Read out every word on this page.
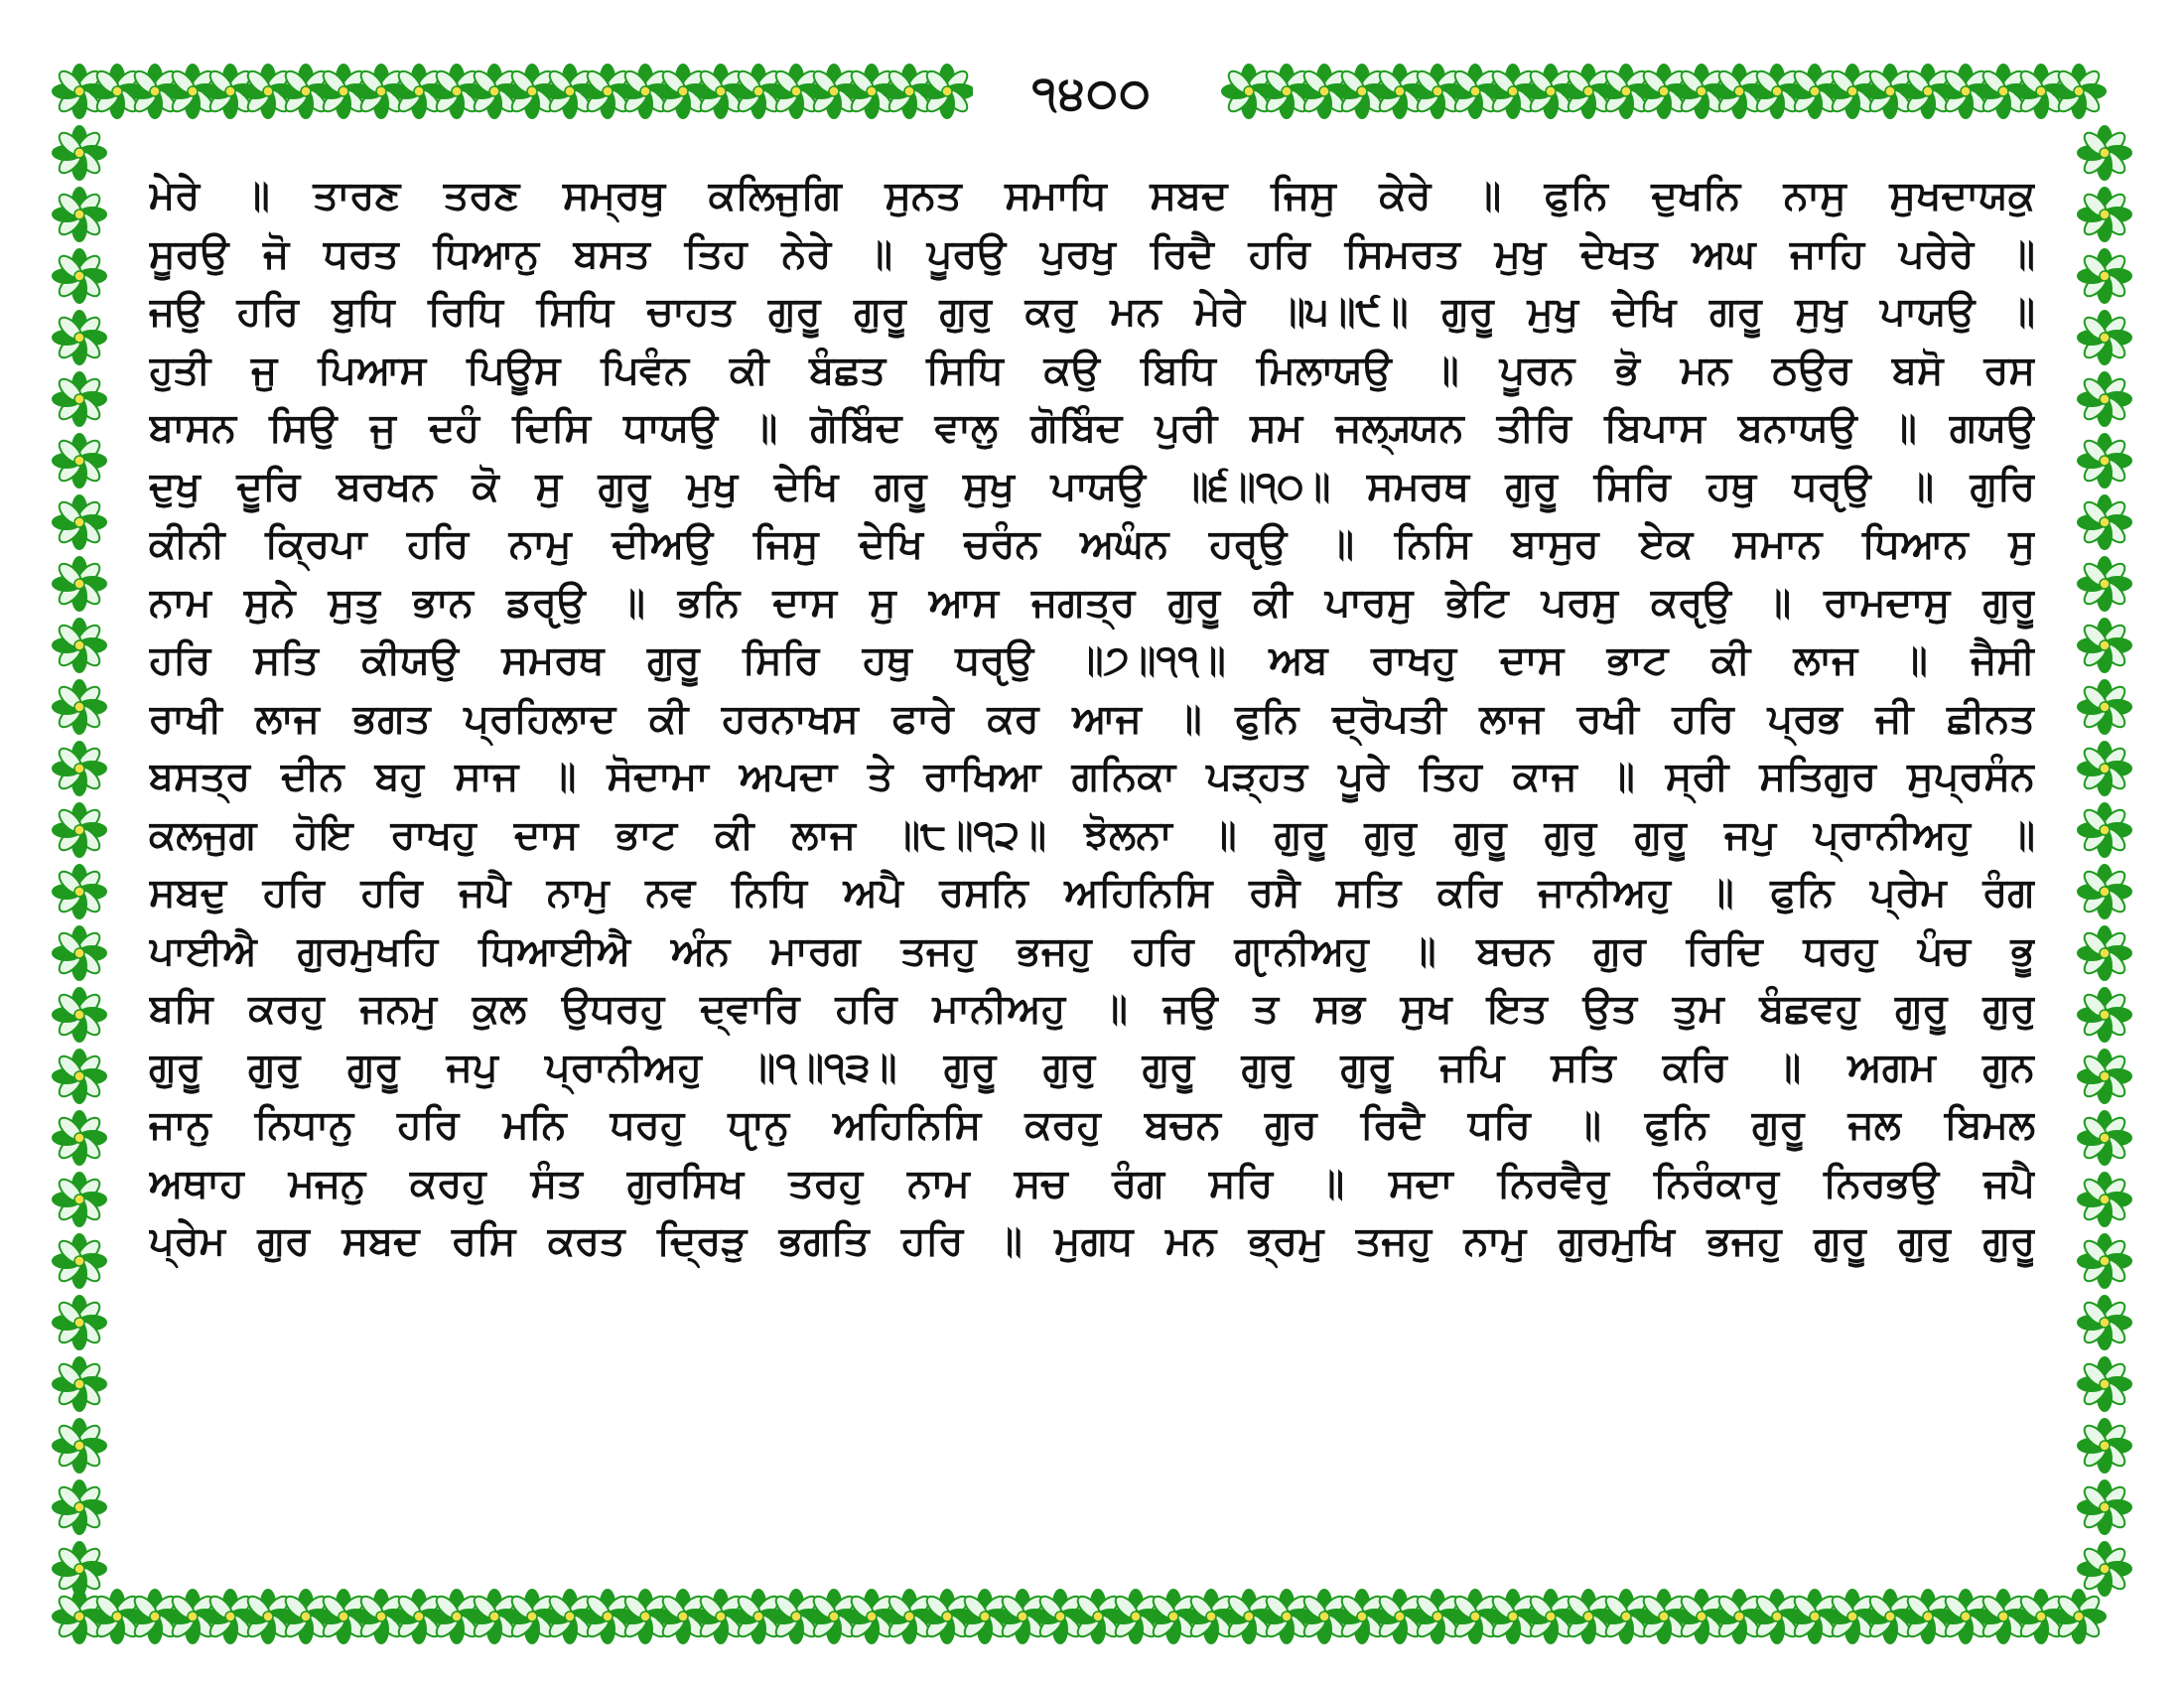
੧੪੦੦
ਮੇਰੇ ॥ ਤਾਰਣ ਤਰਣ ਸਮ੍ਰਥੁ ਕਲਿਜੁਗਿ ਸੁਨਤ ਸਮਾਧਿ ਸਬਦ ਜਿਸੁ ਕੇਰੇ ॥ ਫੁਨਿ ਦੁਖਨਿ ਨਾਸੁ ਸੁਖਦਾਯਕੁ
ਸੂਰਉ ਜੋ ਧਰਤ ਧਿਆਨੁ ਬਸਤ ਤਿਹ ਨੇਰੇ ॥ ਪੂਰਉ ਪੁਰਖੁ ਰਿਦੈ ਹਰਿ ਸਿਮਰਤ ਮੁਖੁ ਦੇਖਤ ਅਘ ਜਾਹਿ ਪਰੇਰੇ ॥
ਜਉ ਹਰਿ ਬੁਧਿ ਰਿਧਿ ਸਿਧਿ ਚਾਹਤ ਗੁਰੂ ਗੁਰੂ ਗੁਰੁ ਕਰੁ ਮਨ ਮੇਰੇ ॥੫॥੯॥ ਗੁਰੂ ਮੁਖੁ ਦੇਖਿ ਗਰੂ ਸੁਖੁ ਪਾਯਉ ॥
ਹੁਤੀ ਜੁ ਪਿਆਸ ਪਿਊਸ ਪਿਵੰਨ ਕੀ ਬੰਛਤ ਸਿਧਿ ਕਉ ਬਿਧਿ ਮਿਲਾਯਉ ॥ ਪੂਰਨ ਭੋ ਮਨ ਠਉਰ ਬਸੋ ਰਸ
ਬਾਸਨ ਸਿਉ ਜੁ ਦਹੰ ਦਿਸਿ ਧਾਯਉ ॥ ਗੋਬਿੰਦ ਵਾਲੁ ਗੋਬਿੰਦ ਪੁਰੀ ਸਮ ਜਲ੍ਯ੍ਯਨ ਤੀਰਿ ਬਿਪਾਸ ਬਨਾਯਉ ॥ ਗਯਉ
ਦੁਖੁ ਦੂਰਿ ਬਰਖਨ ਕੋ ਸੁ ਗੁਰੂ ਮੁਖੁ ਦੇਖਿ ਗਰੂ ਸੁਖੁ ਪਾਯਉ ॥੬॥੧੦॥ ਸਮਰਥ ਗੁਰੂ ਸਿਰਿ ਹਥੁ ਧਰੵਉ ॥ ਗੁਰਿ
ਕੀਨੀ ਕ੍ਰਿਪਾ ਹਰਿ ਨਾਮੁ ਦੀਅਉ ਜਿਸੁ ਦੇਖਿ ਚਰੰਨ ਅਘੰਨ ਹਰੵਉ ॥ ਨਿਸਿ ਬਾਸੁਰ ਏਕ ਸਮਾਨ ਧਿਆਨ ਸੁ
ਨਾਮ ਸੁਨੇ ਸੁਤੁ ਭਾਨ ਡਰੵਉ ॥ ਭਨਿ ਦਾਸ ਸੁ ਆਸ ਜਗਤ੍ਰ ਗੁਰੂ ਕੀ ਪਾਰਸੁ ਭੇਟਿ ਪਰਸੁ ਕਰੵਉ ॥ ਰਾਮਦਾਸੁ ਗੁਰੂ
ਹਰਿ ਸਤਿ ਕੀਯਉ ਸਮਰਥ ਗੁਰੂ ਸਿਰਿ ਹਥੁ ਧਰੵਉ ॥੭॥੧੧॥ ਅਬ ਰਾਖਹੁ ਦਾਸ ਭਾਟ ਕੀ ਲਾਜ ॥ ਜੈਸੀ
ਰਾਖੀ ਲਾਜ ਭਗਤ ਪ੍ਰਹਿਲਾਦ ਕੀ ਹਰਨਾਖਸ ਫਾਰੇ ਕਰ ਆਜ ॥ ਫੁਨਿ ਦ੍ਰੋਪਤੀ ਲਾਜ ਰਖੀ ਹਰਿ ਪ੍ਰਭ ਜੀ ਛੀਨਤ
ਬਸਤ੍ਰ ਦੀਨ ਬਹੁ ਸਾਜ ॥ ਸੋਦਾਮਾ ਅਪਦਾ ਤੇ ਰਾਖਿਆ ਗਨਿਕਾ ਪੜ੍ਹਤ ਪੂਰੇ ਤਿਹ ਕਾਜ ॥ ਸ੍ਰੀ ਸਤਿਗੁਰ ਸੁਪ੍ਰਸੰਨ
ਕਲਜੁਗ ਹੋਇ ਰਾਖਹੁ ਦਾਸ ਭਾਟ ਕੀ ਲਾਜ ॥੮॥੧੨॥ ਝੋਲਨਾ ॥ ਗੁਰੂ ਗੁਰੁ ਗੁਰੂ ਗੁਰੁ ਗੁਰੂ ਜਪੁ ਪ੍ਰਾਨੀਅਹੁ ॥
ਸਬਦੁ ਹਰਿ ਹਰਿ ਜਪੈ ਨਾਮੁ ਨਵ ਨਿਧਿ ਅਪੈ ਰਸਨਿ ਅਹਿਨਿਸਿ ਰਸੈ ਸਤਿ ਕਰਿ ਜਾਨੀਅਹੁ ॥ ਫੁਨਿ ਪ੍ਰੇਮ ਰੰਗ
ਪਾਈਐ ਗੁਰਮੁਖਹਿ ਧਿਆਈਐ ਅੰਨ ਮਾਰਗ ਤਜਹੁ ਭਜਹੁ ਹਰਿ ਗੵਾਨੀਅਹੁ ॥ ਬਚਨ ਗੁਰ ਰਿਦਿ ਧਰਹੁ ਪੰਚ ਭੂ
ਬਸਿ ਕਰਹੁ ਜਨਮੁ ਕੁਲ ਉਧਰਹੁ ਦ੍ਵਾਰਿ ਹਰਿ ਮਾਨੀਅਹੁ ॥ ਜਉ ਤ ਸਭ ਸੁਖ ਇਤ ਉਤ ਤੁਮ ਬੰਛਵਹੁ ਗੁਰੂ ਗੁਰੁ
ਗੁਰੂ ਗੁਰੁ ਗੁਰੂ ਜਪੁ ਪ੍ਰਾਨੀਅਹੁ ॥੧॥੧੩॥ ਗੁਰੂ ਗੁਰੁ ਗੁਰੂ ਗੁਰੁ ਗੁਰੂ ਜਪਿ ਸਤਿ ਕਰਿ ॥ ਅਗਮ ਗੁਨ
ਜਾਨੁ ਨਿਧਾਨੁ ਹਰਿ ਮਨਿ ਧਰਹੁ ਧੵਾਨੁ ਅਹਿਨਿਸਿ ਕਰਹੁ ਬਚਨ ਗੁਰ ਰਿਦੈ ਧਰਿ ॥ ਫੁਨਿ ਗੁਰੂ ਜਲ ਬਿਮਲ
ਅਥਾਹ ਮਜਨੁ ਕਰਹੁ ਸੰਤ ਗੁਰਸਿਖ ਤਰਹੁ ਨਾਮ ਸਚ ਰੰਗ ਸਰਿ ॥ ਸਦਾ ਨਿਰਵੈਰੁ ਨਿਰੰਕਾਰੁ ਨਿਰਭਉ ਜਪੈ
ਪ੍ਰੇਮ ਗੁਰ ਸਬਦ ਰਸਿ ਕਰਤ ਦ੍ਰਿੜੁ ਭਗਤਿ ਹਰਿ ॥ ਮੁਗਧ ਮਨ ਭ੍ਰਮੁ ਤਜਹੁ ਨਾਮੁ ਗੁਰਮੁਖਿ ਭਜਹੁ ਗੁਰੂ ਗੁਰੁ ਗੁਰੂ
